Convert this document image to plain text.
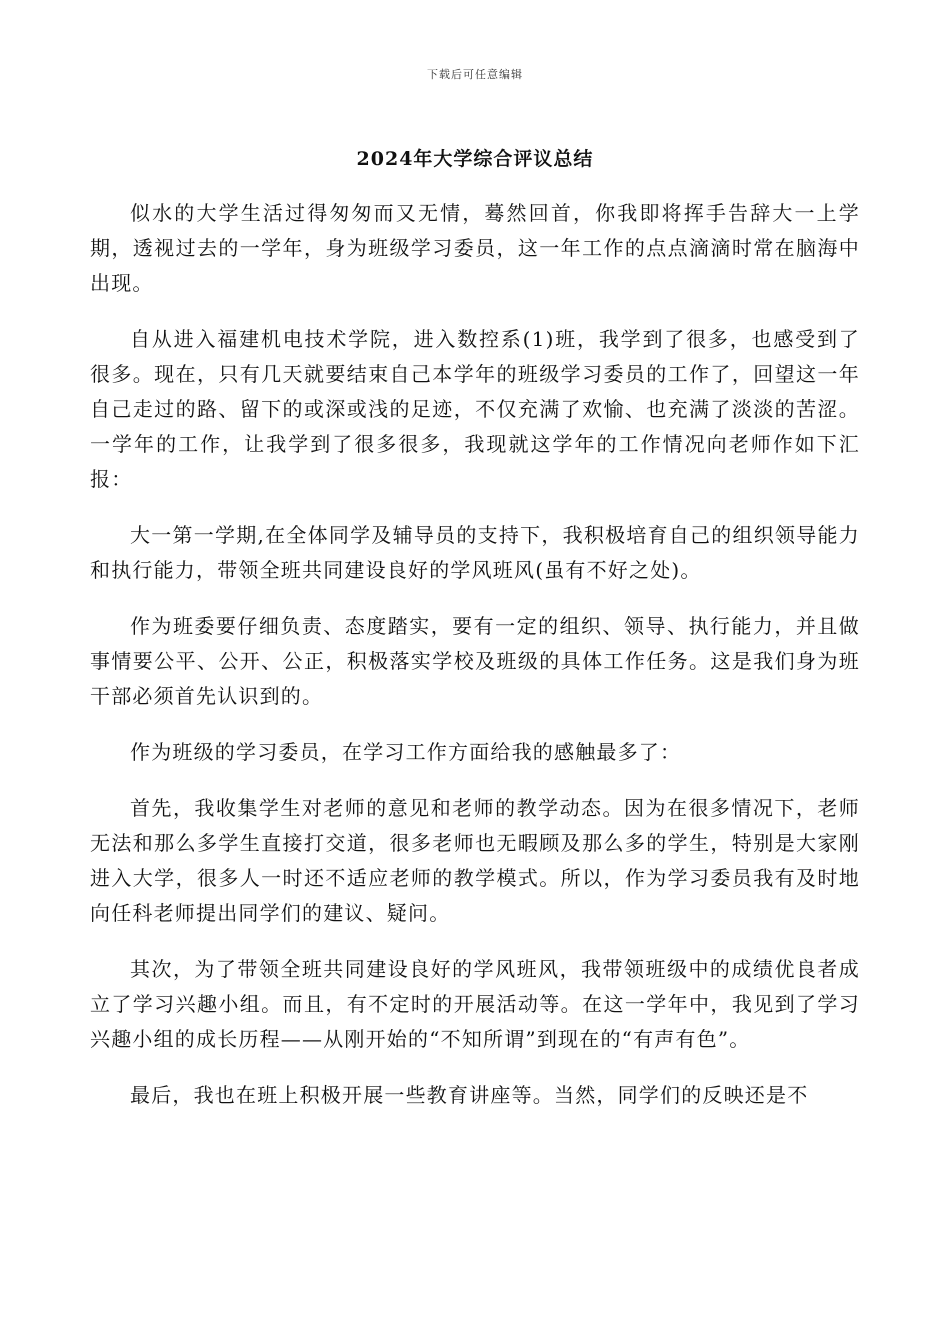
下载后可任意编辑
2024年大学综合评议总结

似水的大学生活过得匆匆而又无情，蓦然回首，你我即将挥手告辞大一上学期，透视过去的一学年，身为班级学习委员，这一年工作的点点滴滴时常在脑海中出现。

自从进入福建机电技术学院，进入数控系(1)班，我学到了很多，也感受到了很多。现在，只有几天就要结束自己本学年的班级学习委员的工作了，回望这一年自己走过的路、留下的或深或浅的足迹，不仅充满了欢愉、也充满了淡淡的苦涩。一学年的工作，让我学到了很多很多，我现就这学年的工作情况向老师作如下汇报：

大一第一学期,在全体同学及辅导员的支持下，我积极培育自己的组织领导能力和执行能力，带领全班共同建设良好的学风班风(虽有不好之处)。

作为班委要仔细负责、态度踏实，要有一定的组织、领导、执行能力，并且做事情要公平、公开、公正，积极落实学校及班级的具体工作任务。这是我们身为班干部必须首先认识到的。

作为班级的学习委员，在学习工作方面给我的感触最多了：

首先，我收集学生对老师的意见和老师的教学动态。因为在很多情况下，老师无法和那么多学生直接打交道，很多老师也无暇顾及那么多的学生，特别是大家刚进入大学，很多人一时还不适应老师的教学模式。所以，作为学习委员我有及时地向任科老师提出同学们的建议、疑问。

其次，为了带领全班共同建设良好的学风班风，我带领班级中的成绩优良者成立了学习兴趣小组。而且，有不定时的开展活动等。在这一学年中，我见到了学习兴趣小组的成长历程——从刚开始的“不知所谓”到现在的“有声有色”。

最后，我也在班上积极开展一些教育讲座等。当然，同学们的反映还是不
